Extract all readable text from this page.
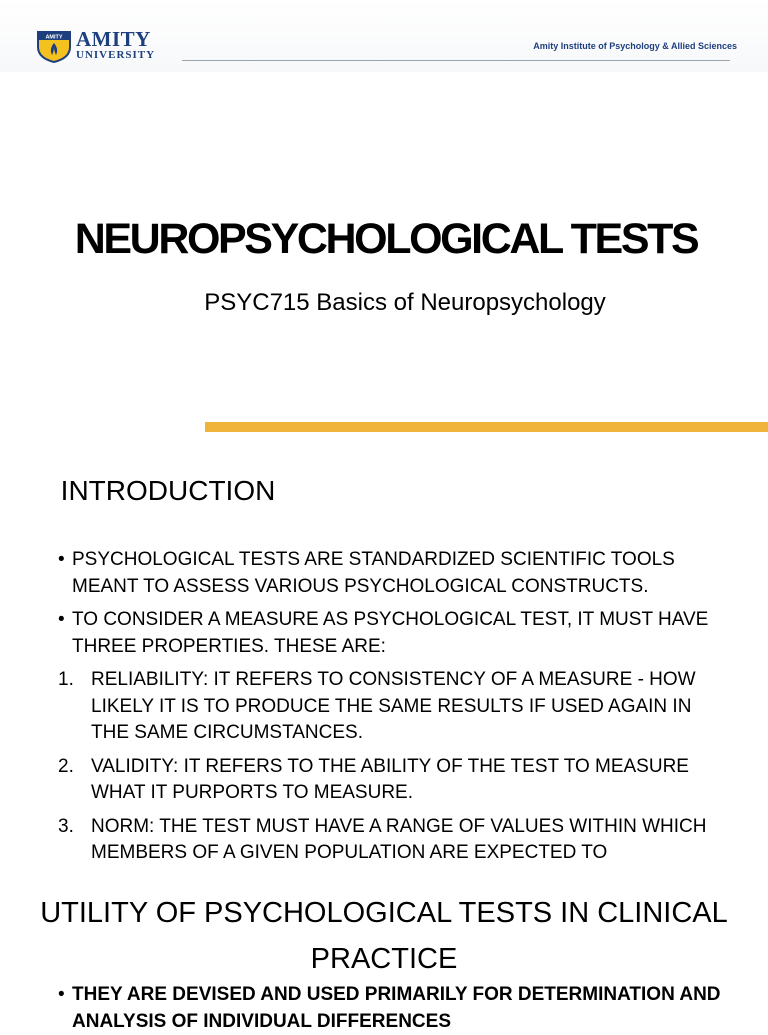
AMITY AMITY
UNIVERSITY
Amity Institute of Psychology & Allied Sciences
NEUROPSYCHOLOGICAL TESTS
PSYC715 Basics of Neuropsychology
INTRODUCTION
• PSYCHOLOGICAL TESTS ARE STANDARDIZED SCIENTIFIC TOOLS MEANT TO ASSESS VARIOUS PSYCHOLOGICAL CONSTRUCTS.
• TO CONSIDER A MEASURE AS PSYCHOLOGICAL TEST, IT MUST HAVE THREE PROPERTIES. THESE ARE:
1. RELIABILITY: IT REFERS TO CONSISTENCY OF A MEASURE - HOW LIKELY IT IS TO PRODUCE THE SAME RESULTS IF USED AGAIN IN THE SAME CIRCUMSTANCES.
2. VALIDITY: IT REFERS TO THE ABILITY OF THE TEST TO MEASURE WHAT IT PURPORTS TO MEASURE.
3. NORM: THE TEST MUST HAVE A RANGE OF VALUES WITHIN WHICH MEMBERS OF A GIVEN POPULATION ARE EXPECTED TO
UTILITY OF PSYCHOLOGICAL TESTS IN CLINICAL PRACTICE
• THEY ARE DEVISED AND USED PRIMARILY FOR DETERMINATION AND ANALYSIS OF INDIVIDUAL DIFFERENCES
